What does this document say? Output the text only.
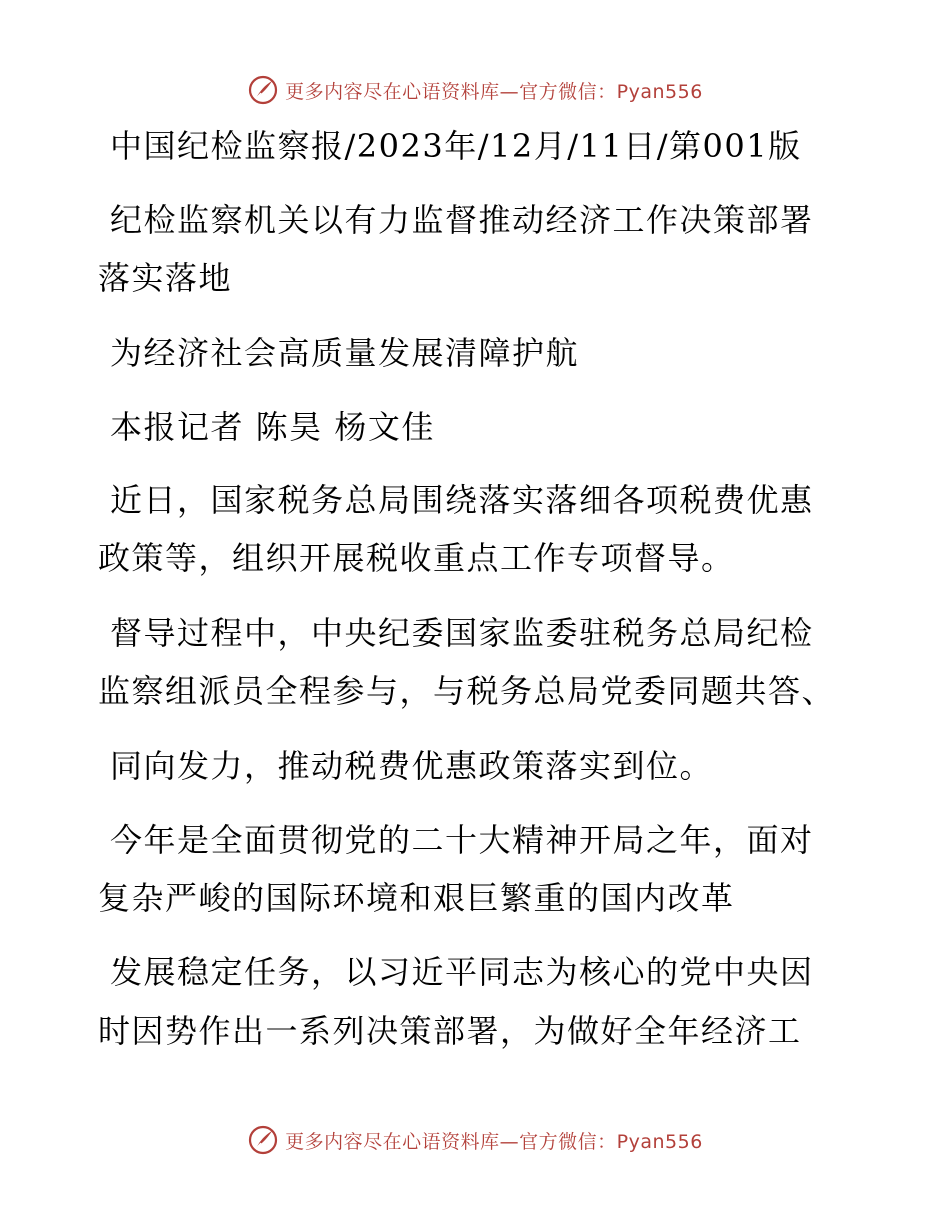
更多内容尽在心语资料库—官方微信：Pyan556
中国纪检监察报/2023年/12月/11日/第001版
纪检监察机关以有力监督推动经济工作决策部署
落实落地
为经济社会高质量发展清障护航
本报记者 陈昊 杨文佳
近日，国家税务总局围绕落实落细各项税费优惠
政策等，组织开展税收重点工作专项督导。
督导过程中，中央纪委国家监委驻税务总局纪检
监察组派员全程参与，与税务总局党委同题共答、
同向发力，推动税费优惠政策落实到位。
今年是全面贯彻党的二十大精神开局之年，面对
复杂严峻的国际环境和艰巨繁重的国内改革
发展稳定任务，以习近平同志为核心的党中央因
时因势作出一系列决策部署，为做好全年经济工
更多内容尽在心语资料库—官方微信：Pyan556
